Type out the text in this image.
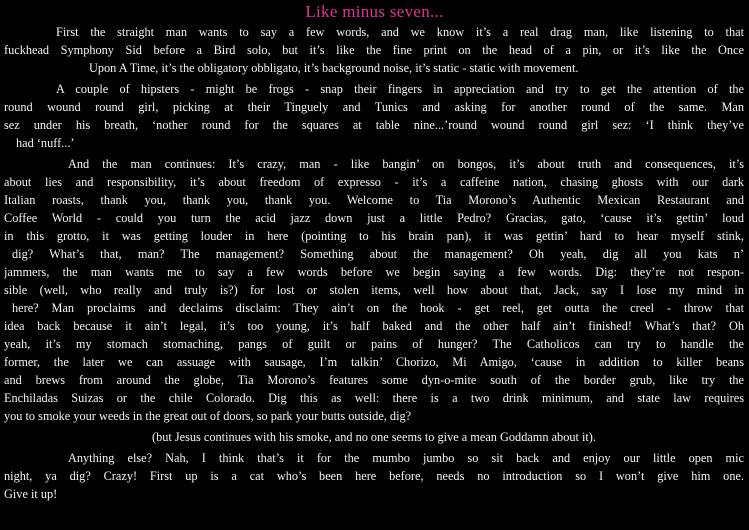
Like minus seven...
First the straight man wants to say a few words, and we know it’s a real drag man, like listening to that
fuckhead Symphony Sid before a Bird solo, but it’s like the fine print on the head of a pin, or it’s like the Once
Upon A Time, it’s the obligatory obbligato, it’s background noise, it’s static - static with movement.
A couple of hipsters - might be frogs - snap their fingers in appreciation and try to get the attention of the
round wound round girl, picking at their Tinguely and Tunics and asking for another round of the same. Man
sez under his breath, ‘nother round for the squares at table nine...’round wound round girl sez: ‘I think they’ve
had ‘nuff...’
And the man continues: It’s crazy, man - like bangin’ on bongos, it’s about truth and consequences, it’s
about lies and responsibility, it’s about freedom of expresso - it’s a caffeine nation, chasing ghosts with our dark
Italian roasts, thank you, thank you, thank you. Welcome to Tia Morono’s Authentic Mexican Restaurant and
Coffee World - could you turn the acid jazz down just a little Pedro? Gracias, gato, ‘cause it’s gettin’ loud
in this grotto, it was getting louder in here (pointing to his brain pan), it was gettin’ hard to hear myself stink,
dig? What’s that, man? The management? Something about the management? Oh yeah, dig all you kats n’
jammers, the man wants me to say a few words before we begin saying a few words. Dig: they’re not respon-
sible (well, who really and truly is?) for lost or stolen items, well how about that, Jack, say I lose my mind in
here? Man proclaims and declaims disclaim: They ain’t on the hook - get reel, get outta the creel - throw that
idea back because it ain’t legal, it’s too young, it’s half baked and the other half ain’t finished! What’s that? Oh
yeah, it’s my stomach stomaching, pangs of guilt or pains of hunger? The Catholicos can try to handle the
former, the later we can assuage with sausage, I’m talkin’ Chorizo, Mi Amigo, ‘cause in addition to killer beans
and brews from around the globe, Tia Morono’s features some dyn-o-mite south of the border grub, like try the
Enchiladas Suizas or the chile Colorado. Dig this as well: there is a two drink minimum, and state law requires
you to smoke your weeds in the great out of doors, so park your butts outside, dig?
(but Jesus continues with his smoke, and no one seems to give a mean Goddamn about it).
Anything else? Nah, I think that’s it for the mumbo jumbo so sit back and enjoy our little open mic
night, ya dig? Crazy! First up is a cat who’s been here before, needs no introduction so I won’t give him one.
Give it up!
